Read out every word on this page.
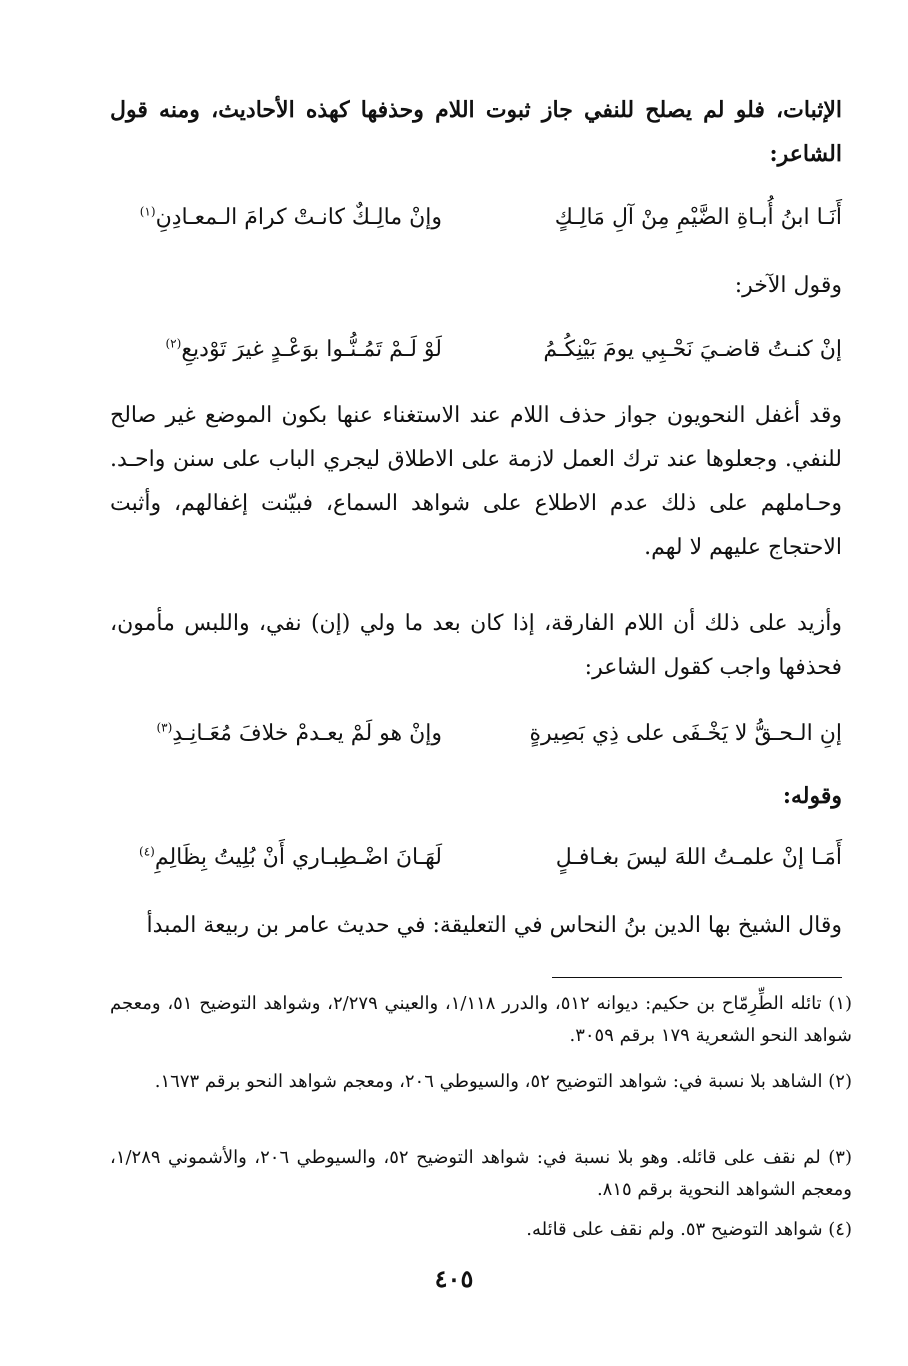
الإثبات، فلو لم يصلح للنفي جاز ثبوت اللام وحذفها كهذه الأحاديث، ومنه قول الشاعر:
أَنَـا ابنُ أُبـاةِ الضَّيْمِ مِنْ آلِ مَالِـكٍ
وإنْ مالِـكٌ كانـتْ كرامَ الـمعـادِنِ$^{(١)}$
وقول الآخر:
إنْ كنـتُ قاضـيَ نَحْـبِي يومَ بَيْنِكُـمُ
لَوْ لَـمْ تَمُـنُّـوا بوَعْـدٍ غيرَ تَوْديعِ$^{(٢)}$
وقد أغفل النحويون جواز حذف اللام عند الاستغناء عنها بكون الموضع غير صالح للنفي. وجعلوها عند ترك العمل لازمة على الاطلاق ليجري الباب على سنن واحـد. وحـاملهم على ذلك عدم الاطلاع على شواهد السماع، فبيّنت إغفالهم، وأثبت الاحتجاج عليهم لا لهم.
وأزيد على ذلك أن اللام الفارقة، إذا كان بعد ما ولي (إن) نفي، واللبس مأمون، فحذفها واجب كقول الشاعر:
إنِ الـحـقُّ لا يَخْـفَى على ذِي بَصِيرةٍ
وإنْ هو لَمْ يعـدمْ خلافَ مُعَـانِـدِ$^{(٣)}$
وقوله:
أَمَـا إنْ علمـتُ اللهَ ليسَ بغـافـلٍ
لَهَـانَ اضْـطِبـاري أَنْ بُلِيتُ بِظَالِمِ$^{(٤)}$
وقال الشيخ بها الدين بنُ النحاس في التعليقة: في حديث عامر بن ربيعة المبدأ
(١) تائله الطِّرِمّاح بن حكيم: ديوانه ٥١٢، والدرر ١/١١٨، والعيني ٢/٢٧٩، وشواهد التوضيح ٥١، ومعجم شواهد النحو الشعرية ١٧٩ برقم ٣٠٥٩.
(٢) الشاهد بلا نسبة في: شواهد التوضيح ٥٢، والسيوطي ٢٠٦، ومعجم شواهد النحو برقم ١٦٧٣.
(٣) لم نقف على قائله. وهو بلا نسبة في: شواهد التوضيح ٥٢، والسيوطي ٢٠٦، والأشموني ١/٢٨٩، ومعجم الشواهد النحوية برقم ٨١٥.
(٤) شواهد التوضيح ٥٣. ولم نقف على قائله.
٤٠٥
